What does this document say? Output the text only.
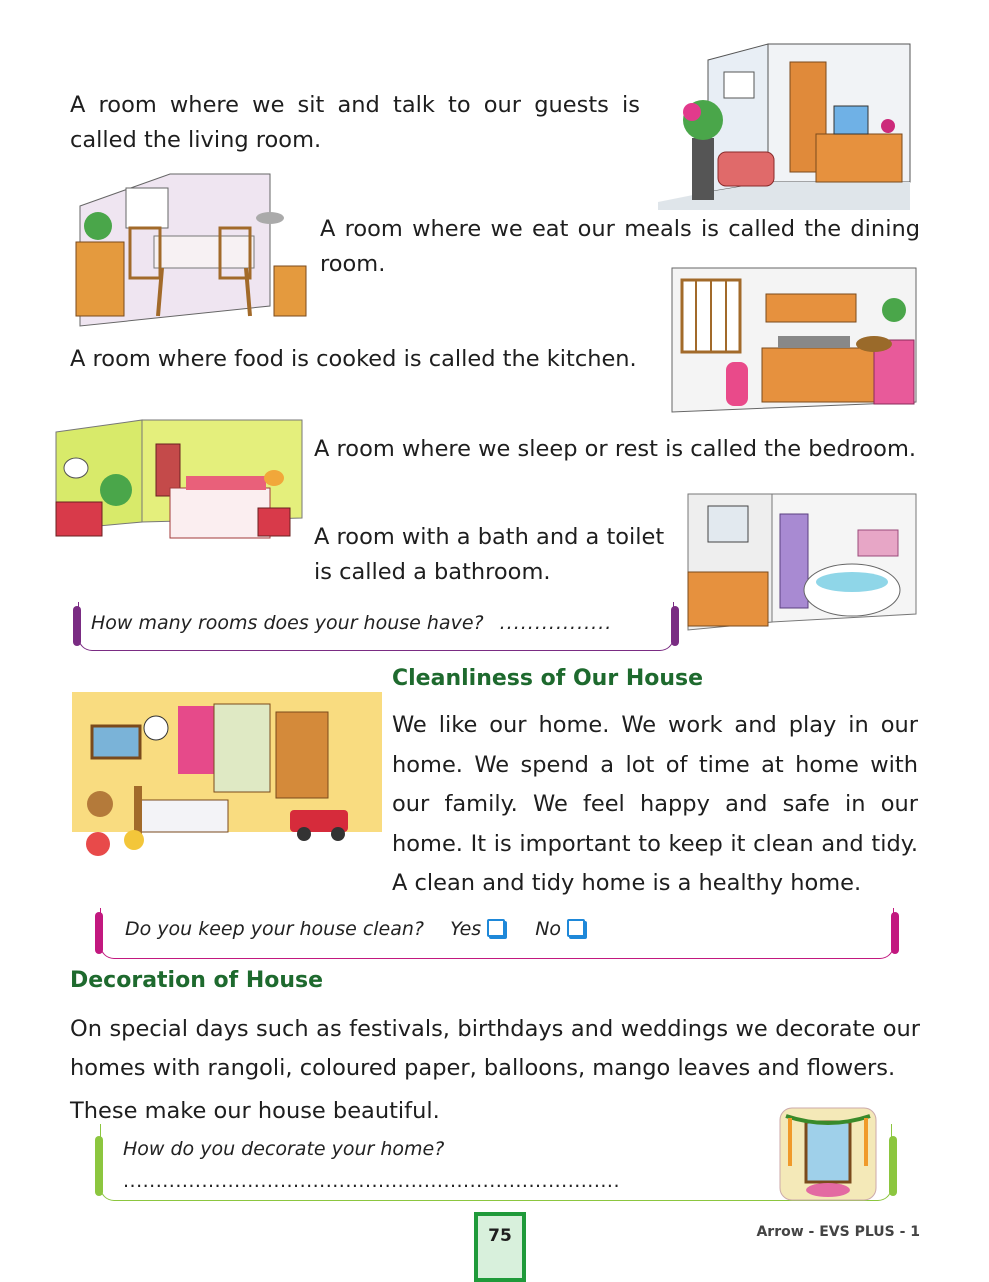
A room where we sit and talk to our guests is called the living room.
A room where we eat our meals is called the dining room.
A room where food is cooked is called the kitchen.
A room where we sleep or rest is called the bedroom.
A room with a bath and a toilet is called a bathroom.
How many rooms does your house have? ................
Cleanliness of Our House
We like our home. We work and play in our home. We spend a lot of time at home with our family. We feel happy and safe in our home. It is important to keep it clean and tidy. A clean and tidy home is a healthy home.
Do you keep your house clean? Yes	No
Decoration of House
On special days such as festivals, birthdays and weddings we decorate our homes with rangoli, coloured paper, balloons, mango leaves and flowers.
These make our house beautiful.
How do you decorate your home?
............................................................................
75	Arrow - EVS PLUS - 1
